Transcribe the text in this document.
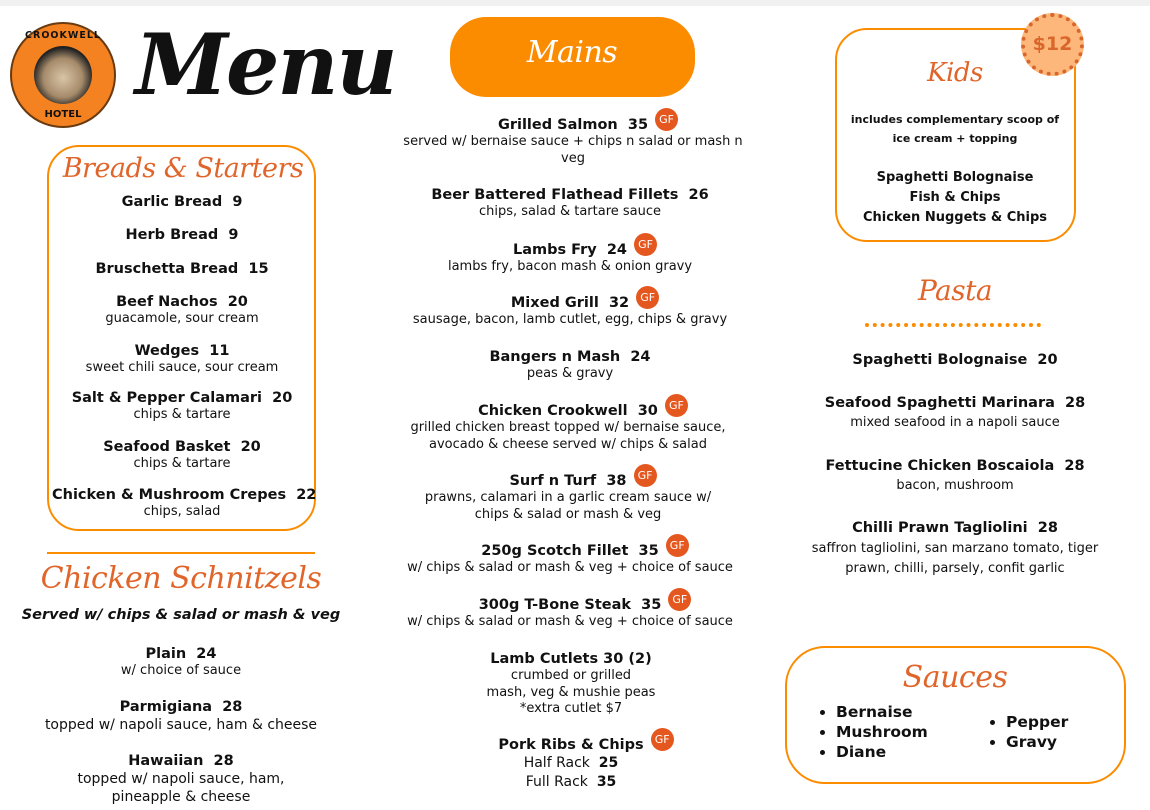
CROOKWELL
HOTEL
Menu
Breads & Starters
Garlic Bread 9
Herb Bread 9
Bruschetta Bread 15
Beef Nachos 20
guacamole, sour cream
Wedges 11
sweet chili sauce, sour cream
Salt & Pepper Calamari 20
chips & tartare
Seafood Basket 20
chips & tartare
Chicken & Mushroom Crepes 22
chips, salad
Chicken Schnitzels
Served w/ chips & salad or mash & veg
Plain 24
w/ choice of sauce
Parmigiana 28
topped w/ napoli sauce, ham & cheese
Hawaiian 28
topped w/ napoli sauce, ham, pineapple & cheese
Mains
Grilled Salmon 35	GF
served w/ bernaise sauce + chips n salad or mash n veg
Beer Battered Flathead Fillets 26
chips, salad & tartare sauce
Lambs Fry 24	GF
lambs fry, bacon mash & onion gravy
Mixed Grill 32	GF
sausage, bacon, lamb cutlet, egg, chips & gravy
Bangers n Mash 24
peas & gravy
Chicken Crookwell 30	GF
grilled chicken breast topped w/ bernaise sauce, avocado & cheese served w/ chips & salad
Surf n Turf 38	GF
prawns, calamari in a garlic cream sauce w/ chips & salad or mash & veg
250g Scotch Fillet 35	GF
w/ chips & salad or mash & veg + choice of sauce
300g T-Bone Steak 35	GF
w/ chips & salad or mash & veg + choice of sauce
Lamb Cutlets 30 (2)
crumbed or grilled
mash, veg & mushie peas
*extra cutlet $7
Pork Ribs & Chips	GF
Half Rack 25
Full Rack 35
$12
Kids
includes complementary scoop of ice cream + topping
Spaghetti Bolognaise
Fish & Chips
Chicken Nuggets & Chips
Pasta
Spaghetti Bolognaise 20
Seafood Spaghetti Marinara 28
mixed seafood in a napoli sauce
Fettucine Chicken Boscaiola 28
bacon, mushroom
Chilli Prawn Tagliolini 28
saffron tagliolini, san marzano tomato, tiger prawn, chilli, parsely, confit garlic
Sauces
• Bernaise
• Mushroom
• Diane
• Pepper
• Gravy
